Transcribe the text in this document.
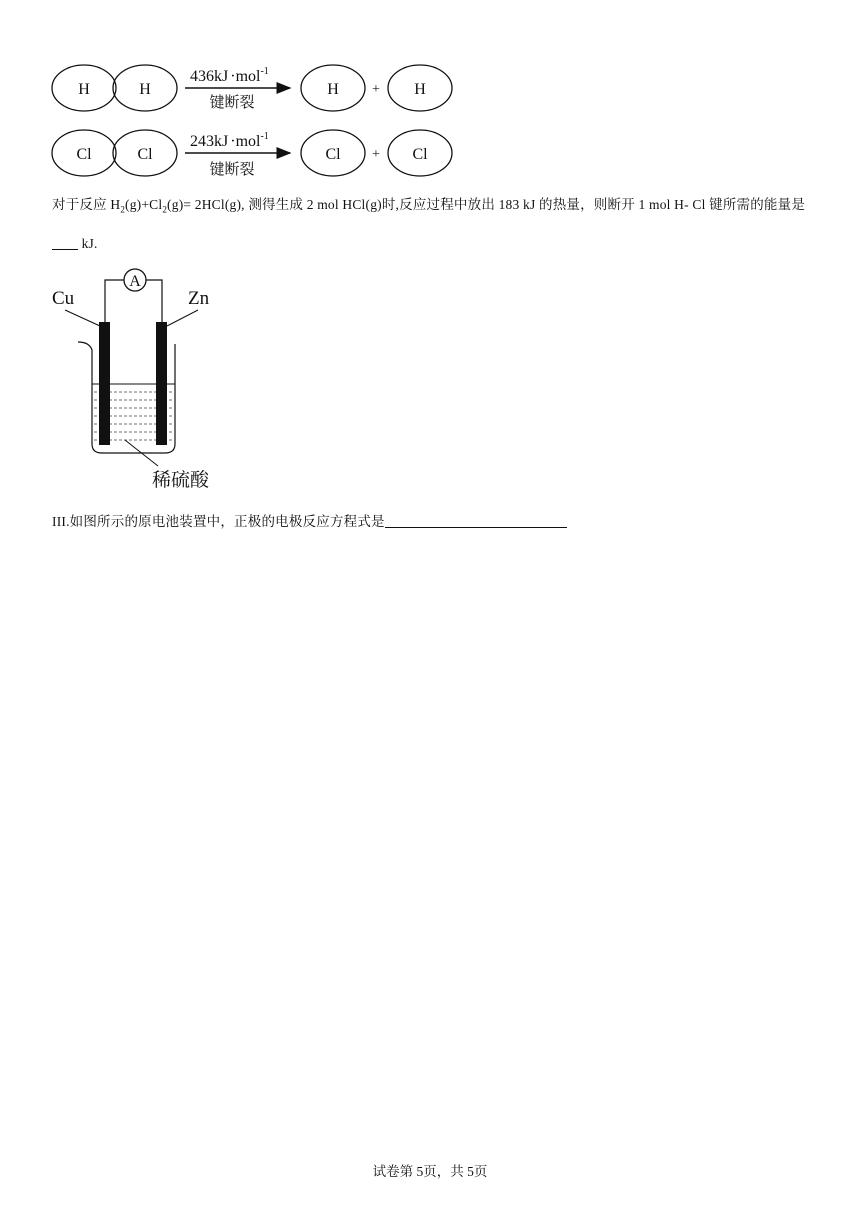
H	H
436kJ ·mol$^{-1}$
键断裂
H + H
Cl	Cl
243kJ ·mol$^{-1}$
键断裂
Cl + Cl
对于反应 $H_2(g)+Cl_2(g)= 2HCl(g)$, 测得生成 2 mol HCl(g)时,反应过程中放出 183 kJ 的热量，则断开 1 mol H- Cl 键所需的能量是 kJ.
A
Cu	Zn
稀硫酸
III.如图所示的原电池装置中，正极的电极反应方程式是
试卷第 5页，共 5页
